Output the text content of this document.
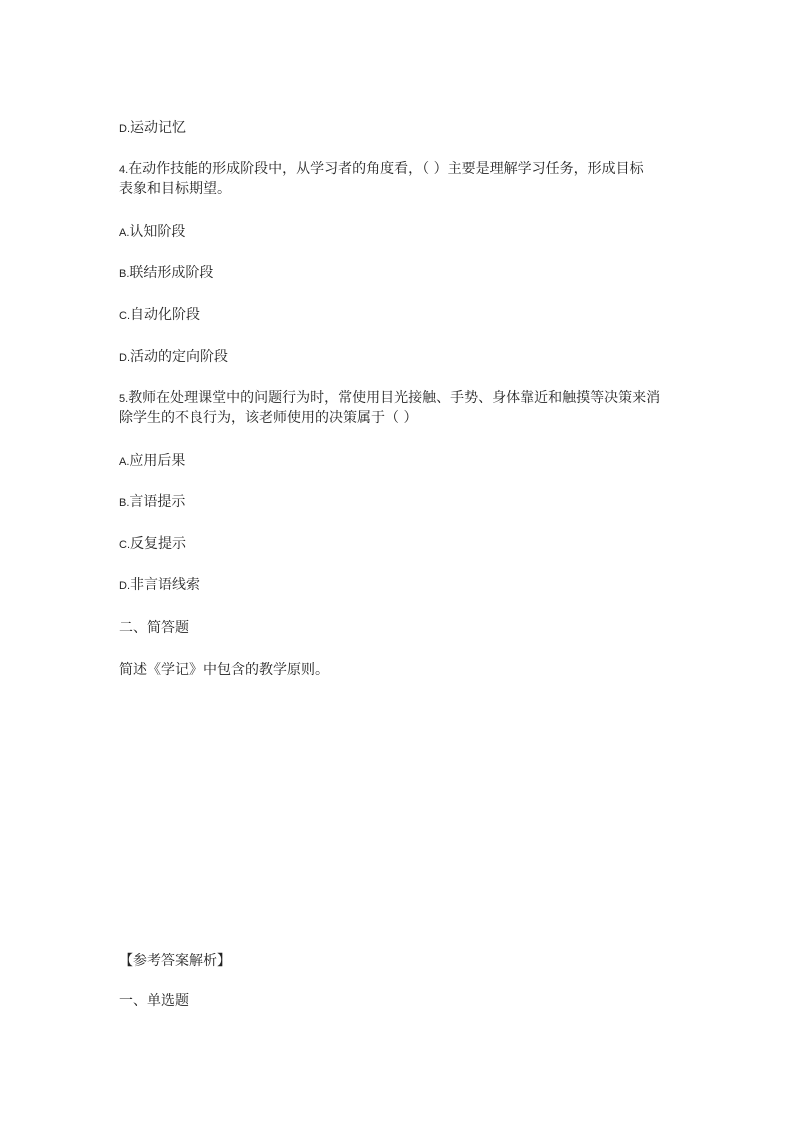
D.运动记忆
4.在动作技能的形成阶段中，从学习者的角度看，（ ）主要是理解学习任务，形成目标
表象和目标期望。
A.认知阶段
B.联结形成阶段
C.自动化阶段
D.活动的定向阶段
5.教师在处理课堂中的问题行为时，常使用目光接触、手势、身体靠近和触摸等决策来消
除学生的不良行为，该老师使用的决策属于（ ）
A.应用后果
B.言语提示
C.反复提示
D.非言语线索
二、简答题
简述《学记》中包含的教学原则。
【参考答案解析】
一、单选题
